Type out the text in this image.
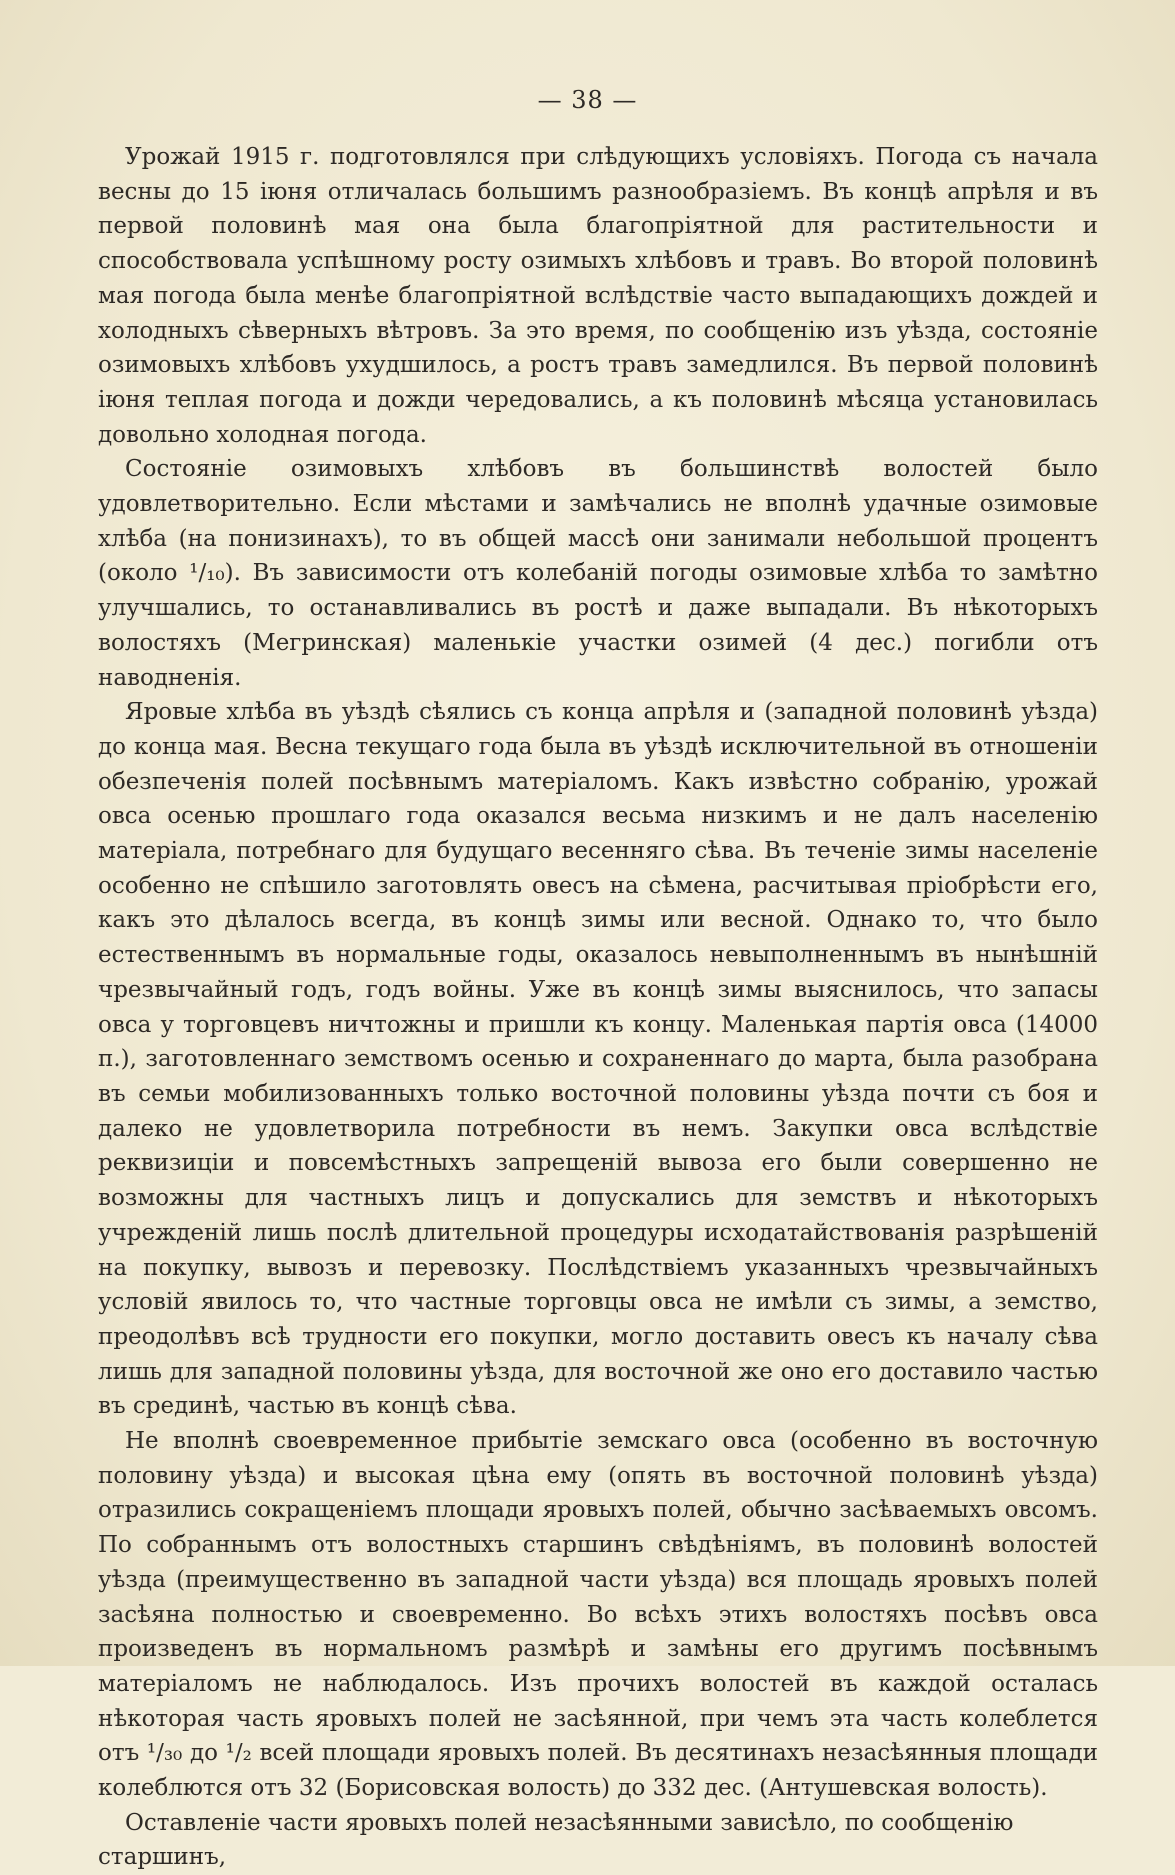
— 38 —

Урожай 1915 г. подготовлялся при слѣдующихъ условіяхъ. Погода съ начала весны до 15 іюня отличалась большимъ разнообразіемъ. Въ концѣ апрѣля и въ первой половинѣ мая она была благопріятной для растительности и способствовала успѣшному росту озимыхъ хлѣбовъ и травъ. Во второй половинѣ мая погода была менѣе благопріятной вслѣдствіе часто выпадающихъ дождей и холодныхъ сѣверныхъ вѣтровъ. За это время, по сообщенію изъ уѣзда, состояніе озимовыхъ хлѣбовъ ухудшилось, а ростъ травъ замедлился. Въ первой половинѣ іюня теплая погода и дожди чередовались, а къ половинѣ мѣсяца установилась довольно холодная погода.

Состояніе озимовыхъ хлѣбовъ въ большинствѣ волостей было удовлетворительно. Если мѣстами и замѣчались не вполнѣ удачные озимовые хлѣба (на понизинахъ), то въ общей массѣ они занимали небольшой процентъ (около ¹/₁₀). Въ зависимости отъ колебаній погоды озимовые хлѣба то замѣтно улучшались, то останавливались въ ростѣ и даже выпадали. Въ нѣкоторыхъ волостяхъ (Мегринская) маленькіе участки озимей (4 дес.) погибли отъ наводненія.

Яровые хлѣба въ уѣздѣ сѣялись съ конца апрѣля и (западной половинѣ уѣзда) до конца мая. Весна текущаго года была въ уѣздѣ исключительной въ отношеніи обезпеченія полей посѣвнымъ матеріаломъ. Какъ извѣстно собранію, урожай овса осенью прошлаго года оказался весьма низкимъ и не далъ населенію матеріала, потребнаго для будущаго весенняго сѣва. Въ теченіе зимы населеніе особенно не спѣшило заготовлять овесъ на сѣмена, расчитывая пріобрѣсти его, какъ это дѣлалось всегда, въ концѣ зимы или весной. Однако то, что было естественнымъ въ нормальные годы, оказалось невыполненнымъ въ нынѣшній чрезвычайный годъ, годъ войны. Уже въ концѣ зимы выяснилось, что запасы овса у торговцевъ ничтожны и пришли къ концу. Маленькая партія овса (14000 п.), заготовленнаго земствомъ осенью и сохраненнаго до марта, была разобрана въ семьи мобилизованныхъ только восточной половины уѣзда почти съ боя и далеко не удовлетворила потребности въ немъ. Закупки овса вслѣдствіе реквизиціи и повсемѣстныхъ запрещеній вывоза его были совершенно не возможны для частныхъ лицъ и допускались для земствъ и нѣкоторыхъ учрежденій лишь послѣ длительной процедуры исходатайствованія разрѣшеній на покупку, вывозъ и перевозку. Послѣдствіемъ указанныхъ чрезвычайныхъ условій явилось то, что частные торговцы овса не имѣли съ зимы, а земство, преодолѣвъ всѣ трудности его покупки, могло доставить овесъ къ началу сѣва лишь для западной половины уѣзда, для восточной же оно его доставило частью въ срединѣ, частью въ концѣ сѣва.

Не вполнѣ своевременное прибытіе земскаго овса (особенно въ восточную половину уѣзда) и высокая цѣна ему (опять въ восточной половинѣ уѣзда) отразились сокращеніемъ площади яровыхъ полей, обычно засѣваемыхъ овсомъ. По собраннымъ отъ волостныхъ старшинъ свѣдѣніямъ, въ половинѣ волостей уѣзда (преимущественно въ западной части уѣзда) вся площадь яровыхъ полей засѣяна полностью и своевременно. Во всѣхъ этихъ волостяхъ посѣвъ овса произведенъ въ нормальномъ размѣрѣ и замѣны его другимъ посѣвнымъ матеріаломъ не наблюдалось. Изъ прочихъ волостей въ каждой осталась нѣкоторая часть яровыхъ полей не засѣянной, при чемъ эта часть колеблется отъ ¹/₃₀ до ¹/₂ всей площади яровыхъ полей. Въ десятинахъ незасѣянныя площади колеблются отъ 32 (Борисовская волость) до 332 дес. (Антушевская волость).

Оставленіе части яровыхъ полей незасѣянными зависѣло, по сообщенію старшинъ,
